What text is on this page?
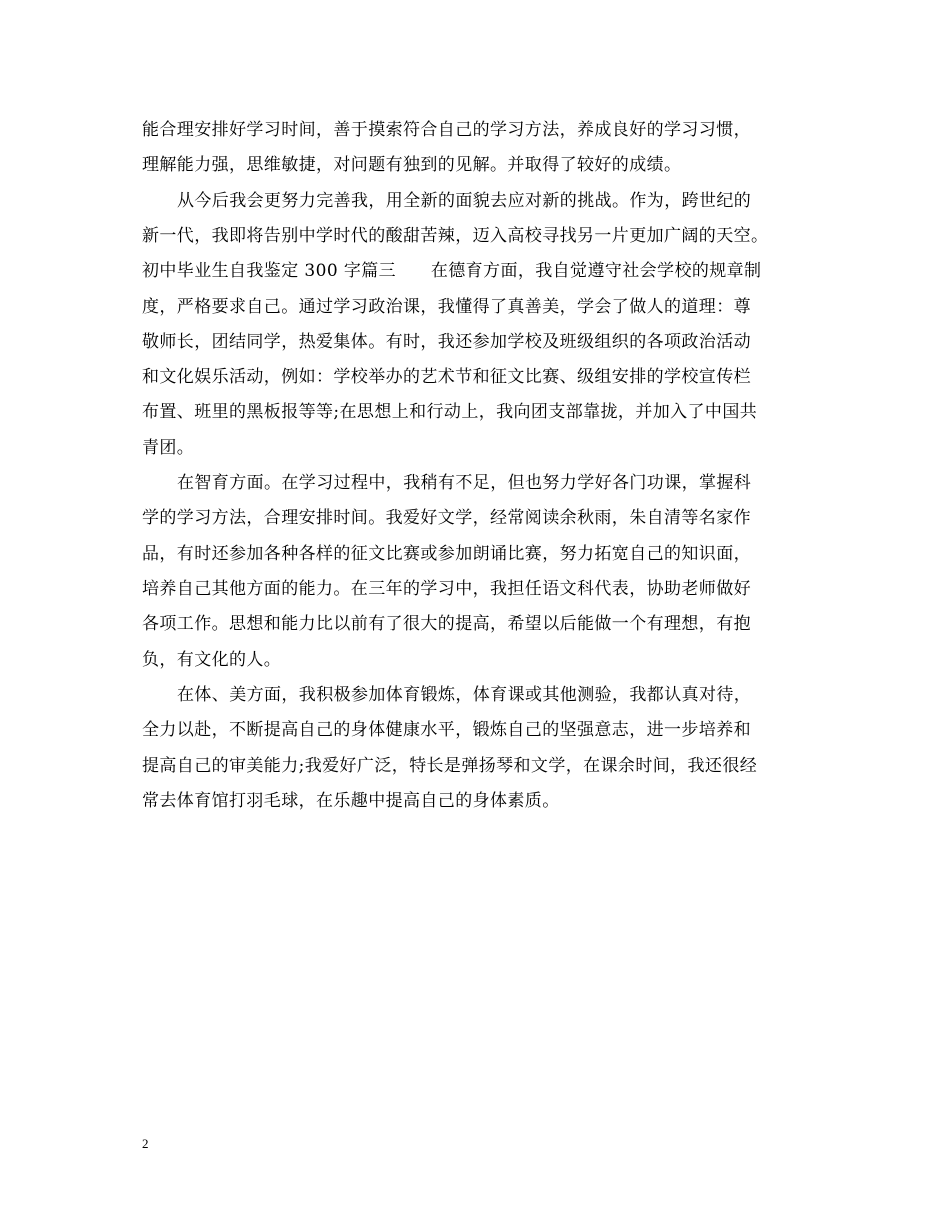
能合理安排好学习时间，善于摸索符合自己的学习方法，养成良好的学习习惯，
理解能力强，思维敏捷，对问题有独到的见解。并取得了较好的成绩。
从今后我会更努力完善我，用全新的面貌去应对新的挑战。作为，跨世纪的
新一代，我即将告别中学时代的酸甜苦辣，迈入高校寻找另一片更加广阔的天空。
初中毕业生自我鉴定 300 字篇三　　在德育方面，我自觉遵守社会学校的规章制
度，严格要求自己。通过学习政治课，我懂得了真善美，学会了做人的道理：尊
敬师长，团结同学，热爱集体。有时，我还参加学校及班级组织的各项政治活动
和文化娱乐活动，例如：学校举办的艺术节和征文比赛、级组安排的学校宣传栏
布置、班里的黑板报等等;在思想上和行动上，我向团支部靠拢，并加入了中国共
青团。
在智育方面。在学习过程中，我稍有不足，但也努力学好各门功课，掌握科
学的学习方法，合理安排时间。我爱好文学，经常阅读余秋雨，朱自清等名家作
品，有时还参加各种各样的征文比赛或参加朗诵比赛，努力拓宽自己的知识面，
培养自己其他方面的能力。在三年的学习中，我担任语文科代表，协助老师做好
各项工作。思想和能力比以前有了很大的提高，希望以后能做一个有理想，有抱
负，有文化的人。
在体、美方面，我积极参加体育锻炼，体育课或其他测验，我都认真对待，
全力以赴，不断提高自己的身体健康水平，锻炼自己的坚强意志，进一步培养和
提高自己的审美能力;我爱好广泛，特长是弹扬琴和文学，在课余时间，我还很经
常去体育馆打羽毛球，在乐趣中提高自己的身体素质。
2
